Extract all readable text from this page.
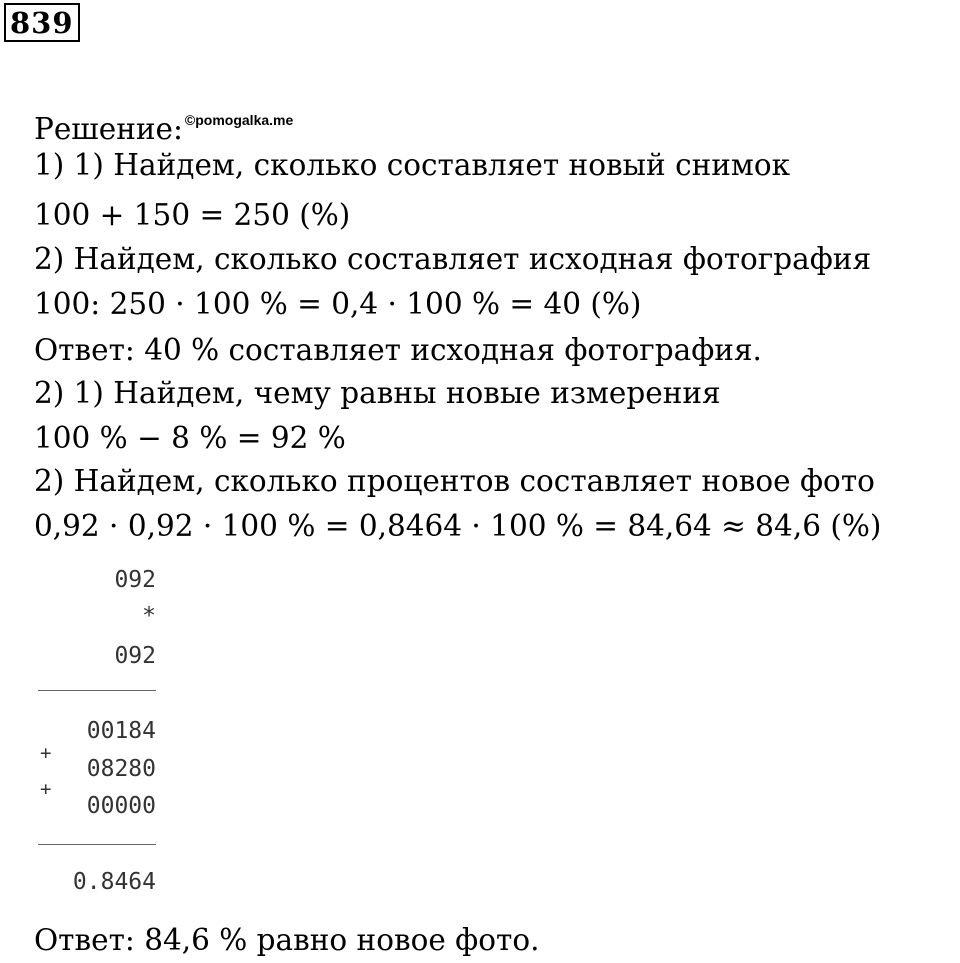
839
Решение: $^{©pomogalka.me}$
1) 1) Найдем, сколько составляет новый снимок
100 + 150 = 250 (%)
2) Найдем, сколько составляет исходная фотография
100: 250 · 100 % = 0,4 · 100 % = 40 (%)
Ответ: 40 % составляет исходная фотография.
2) 1) Найдем, чему равны новые измерения
100 % − 8 % = 92 %
2) Найдем, сколько процентов составляет новое фото
0,92 · 0,92 · 100 % = 0,8464 · 100 % = 84,64 ≈ 84,6 (%)
092
*
092
00184
+
08280
+
00000
0.8464
Ответ: 84,6 % равно новое фото.
